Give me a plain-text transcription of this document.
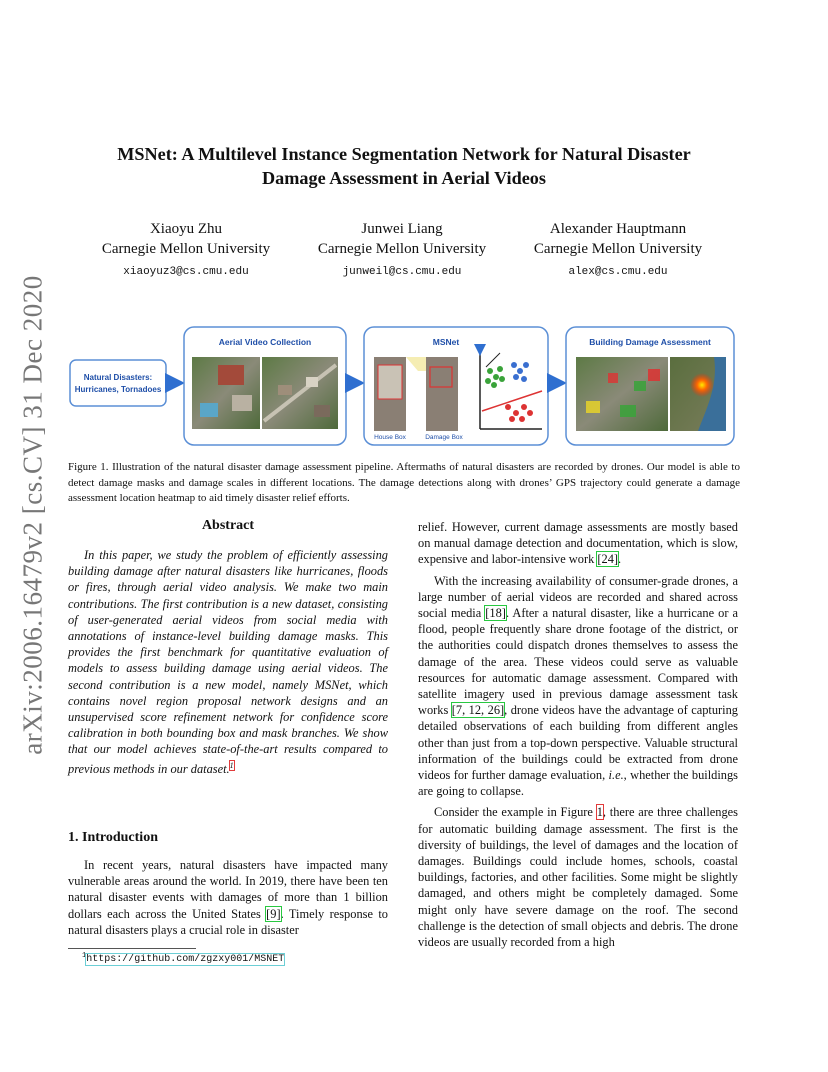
arXiv:2006.16479v2 [cs.CV] 31 Dec 2020
MSNet: A Multilevel Instance Segmentation Network for Natural Disaster
Damage Assessment in Aerial Videos
Xiaoyu Zhu
Carnegie Mellon University
xiaoyuz3@cs.cmu.edu
Junwei Liang
Carnegie Mellon University
junweil@cs.cmu.edu
Alexander Hauptmann
Carnegie Mellon University
alex@cs.cmu.edu
Natural Disasters:
Hurricanes, Tornadoes
Aerial Video Collection	MSNet
House Box	Damage Box
Building Damage Assessment
Figure 1. Illustration of the natural disaster damage assessment pipeline. Aftermaths of natural disasters are recorded by drones. Our model is able to detect damage masks and damage scales in different locations. The damage detections along with drones’ GPS trajectory could generate a damage assessment location heatmap to aid timely disaster relief efforts.
Abstract

In this paper, we study the problem of efficiently assessing building damage after natural disasters like hurricanes, floods or fires, through aerial video analysis. We make two main contributions. The first contribution is a new dataset, consisting of user-generated aerial videos from social media with annotations of instance-level building damage masks. This provides the first benchmark for quantitative evaluation of models to assess building damage using aerial videos. The second contribution is a new model, namely MSNet, which contains novel region proposal network designs and an unsupervised score refinement network for confidence score calibration in both bounding box and mask branches. We show that our model achieves state-of-the-art results compared to previous methods in our dataset.$^1$

1. Introduction

In recent years, natural disasters have impacted many vulnerable areas around the world. In 2019, there have been ten natural disaster events with damages of more than 1 billion dollars each across the United States [9]. Timely response to natural disasters plays a crucial role in disaster

$^1$https://github.com/zgzxy001/MSNET

relief. However, current damage assessments are mostly based on manual damage detection and documentation, which is slow, expensive and labor-intensive work [24].

With the increasing availability of consumer-grade drones, a large number of aerial videos are recorded and shared across social media [18]. After a natural disaster, like a hurricane or a flood, people frequently share drone footage of the district, or the authorities could dispatch drones themselves to assess the damage of the area. These videos could serve as valuable resources for automatic damage assessment. Compared with satellite imagery used in previous damage assessment task works [7, 12, 26], drone videos have the advantage of capturing detailed observations of each building from different angles other than just from a top-down perspective. Valuable structural information of the buildings could be extracted from drone videos for further damage evaluation, i.e., whether the buildings are going to collapse.

Consider the example in Figure 1, there are three challenges for automatic building damage assessment. The first is the diversity of buildings, the level of damages and the location of damages. Buildings could include homes, schools, coastal buildings, factories, and other facilities. Some might be slightly damaged, and others might be completely damaged. Some might only have severe damage on the roof. The second challenge is the detection of small objects and debris. The drone videos are usually recorded from a high
